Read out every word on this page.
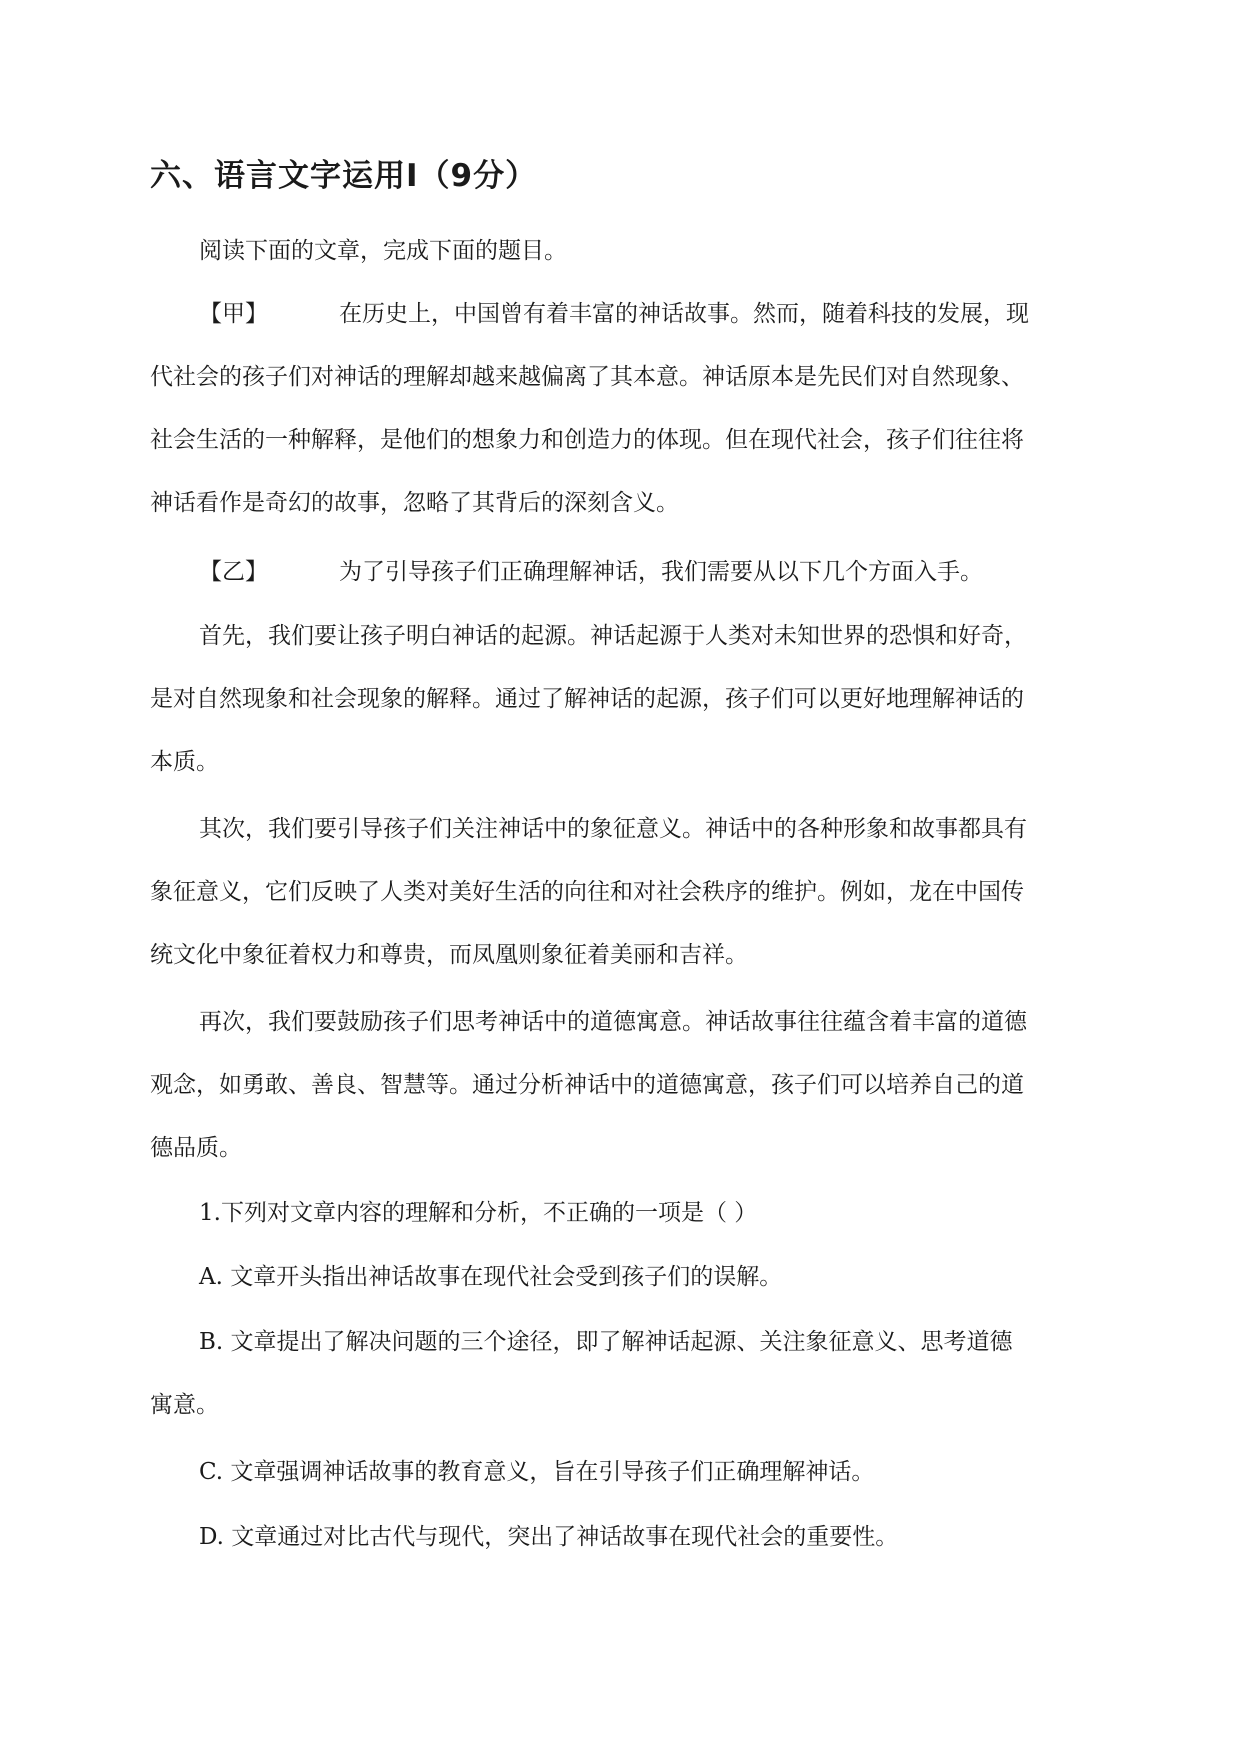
六、语言文字运用Ⅰ（9分）
阅读下面的文章，完成下面的题目。
【甲】	在历史上，中国曾有着丰富的神话故事。然而，随着科技的发展，现
代社会的孩子们对神话的理解却越来越偏离了其本意。神话原本是先民们对自然现象、
社会生活的一种解释，是他们的想象力和创造力的体现。但在现代社会，孩子们往往将
神话看作是奇幻的故事，忽略了其背后的深刻含义。
【乙】	为了引导孩子们正确理解神话，我们需要从以下几个方面入手。
首先，我们要让孩子明白神话的起源。神话起源于人类对未知世界的恐惧和好奇，
是对自然现象和社会现象的解释。通过了解神话的起源，孩子们可以更好地理解神话的
本质。
其次，我们要引导孩子们关注神话中的象征意义。神话中的各种形象和故事都具有
象征意义，它们反映了人类对美好生活的向往和对社会秩序的维护。例如，龙在中国传
统文化中象征着权力和尊贵，而凤凰则象征着美丽和吉祥。
再次，我们要鼓励孩子们思考神话中的道德寓意。神话故事往往蕴含着丰富的道德
观念，如勇敢、善良、智慧等。通过分析神话中的道德寓意，孩子们可以培养自己的道
德品质。
1.下列对文章内容的理解和分析，不正确的一项是（ ）
A. 文章开头指出神话故事在现代社会受到孩子们的误解。
B. 文章提出了解决问题的三个途径，即了解神话起源、关注象征意义、思考道德
寓意。
C. 文章强调神话故事的教育意义，旨在引导孩子们正确理解神话。
D. 文章通过对比古代与现代，突出了神话故事在现代社会的重要性。
